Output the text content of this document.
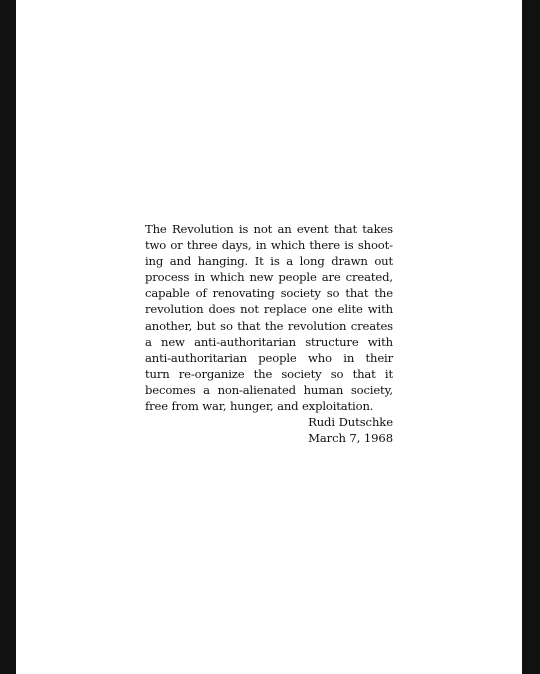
The Revolution is not an event that takes
two or three days, in which there is shoot-
ing and hanging. It is a long drawn out
process in which new people are created,
capable of renovating society so that the
revolution does not replace one elite with
another, but so that the revolution creates
a new anti-authoritarian structure with
anti-authoritarian people who in their
turn re-organize the society so that it
becomes a non-alienated human society,
free from war, hunger, and exploitation.
Rudi Dutschke
March 7, 1968
